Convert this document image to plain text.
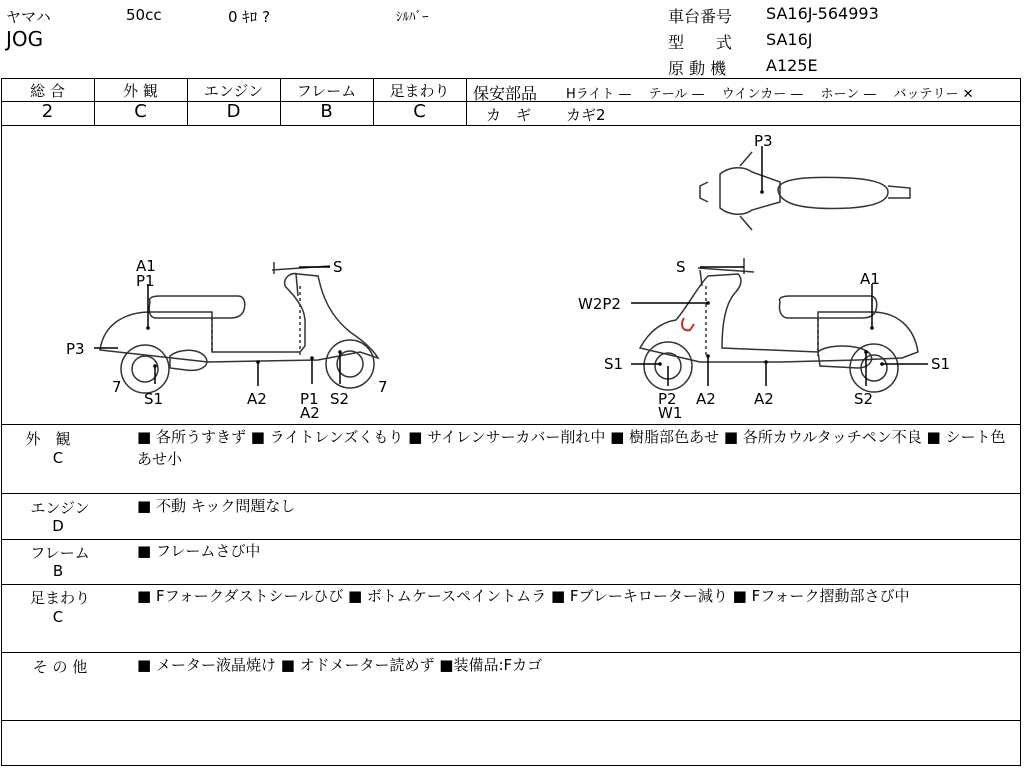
ヤマハ	50cc	0 ｷﾛ ?	ｼﾙﾊﾞｰ
JOG
車台番号 SA16J-564993
型　　式 SA16J
原 動 機 A125E
総 合	外 観	エンジン	フレーム	足まわり
2	C	D	B	C
保安部品 Hライト —　 テール —　 ウインカー —　 ホーン —　 バッテリー ✕
カ　ギ カギ2
A1
P1
S
P3
7
S1	A2 P1
A2
S2
7
P3
S
A1
W2P2
S1	S1
P2
W1
A2	A2	S2
外　観
C
■ 各所うすきず ■ ライトレンズくもり ■ サイレンサーカバー削れ中 ■ 樹脂部色あせ ■ 各所カウルタッチペン不良 ■ シート色あせ小
エンジン
D
■ 不動 キック問題なし
フレーム
B
■ フレームさび中
足まわり
C
■ Fフォークダストシールひび ■ ボトムケースペイントムラ ■ Fブレーキローター減り ■ Fフォーク摺動部さび中
そ の 他	■ メーター液晶焼け ■ オドメーター読めず ■装備品:Fカゴ
